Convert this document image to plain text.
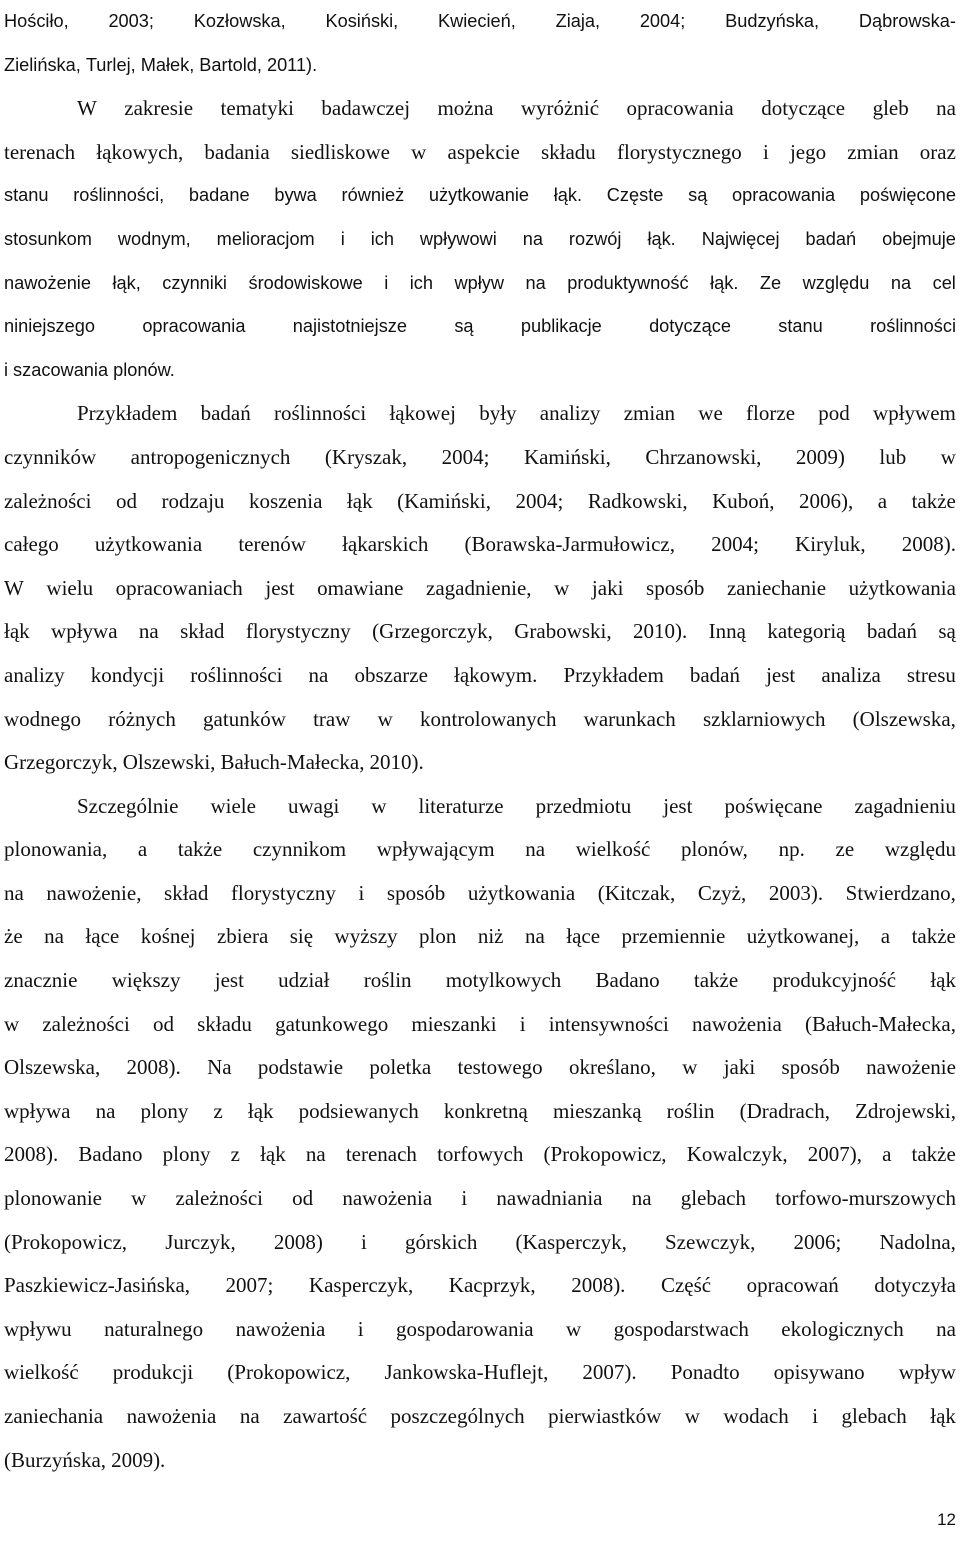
Hościło, 2003; Kozłowska, Kosiński, Kwiecień, Ziaja, 2004; Budzyńska, Dąbrowska-
Zielińska, Turlej, Małek, Bartold, 2011).
W zakresie tematyki badawczej można wyróżnić opracowania dotyczące gleb na
terenach łąkowych, badania siedliskowe w aspekcie składu florystycznego i jego zmian oraz
stanu roślinności, badane bywa również użytkowanie łąk. Częste są opracowania poświęcone
stosunkom wodnym, melioracjom i ich wpływowi na rozwój łąk. Najwięcej badań obejmuje
nawożenie łąk, czynniki środowiskowe i ich wpływ na produktywność łąk. Ze względu na cel
niniejszego	opracowania	najistotniejsze	są	publikacje	dotyczące	stanu	roślinności
i szacowania plonów.
Przykładem badań roślinności łąkowej były analizy zmian we florze pod wpływem
czynników antropogenicznych (Kryszak, 2004; Kamiński, Chrzanowski, 2009) lub w
zależności od rodzaju koszenia łąk (Kamiński, 2004; Radkowski, Kuboń, 2006), a także
całego użytkowania terenów łąkarskich (Borawska-Jarmułowicz, 2004; Kiryluk, 2008).
W wielu opracowaniach jest omawiane zagadnienie, w jaki sposób zaniechanie użytkowania
łąk wpływa na skład florystyczny (Grzegorczyk, Grabowski, 2010). Inną kategorią badań są
analizy kondycji roślinności na obszarze łąkowym. Przykładem badań jest analiza stresu
wodnego różnych gatunków traw w kontrolowanych warunkach szklarniowych (Olszewska,
Grzegorczyk, Olszewski, Bałuch-Małecka, 2010).
Szczególnie wiele uwagi w literaturze przedmiotu jest poświęcane zagadnieniu
plonowania, a także czynnikom wpływającym na wielkość plonów, np. ze względu
na nawożenie, skład florystyczny i sposób użytkowania (Kitczak, Czyż, 2003). Stwierdzano,
że na łące kośnej zbiera się wyższy plon niż na łące przemiennie użytkowanej, a także
znacznie większy jest udział roślin motylkowych Badano także produkcyjność łąk
w zależności od składu gatunkowego mieszanki i intensywności nawożenia (Bałuch-Małecka,
Olszewska, 2008). Na podstawie poletka testowego określano, w jaki sposób nawożenie
wpływa na plony z łąk podsiewanych konkretną mieszanką roślin (Dradrach, Zdrojewski,
2008). Badano plony z łąk na terenach torfowych (Prokopowicz, Kowalczyk, 2007), a także
plonowanie w zależności od nawożenia i nawadniania na glebach torfowo-murszowych
(Prokopowicz, Jurczyk, 2008) i górskich (Kasperczyk, Szewczyk, 2006; Nadolna,
Paszkiewicz-Jasińska, 2007; Kasperczyk, Kacprzyk, 2008). Część opracowań dotyczyła
wpływu naturalnego nawożenia i gospodarowania w gospodarstwach ekologicznych na
wielkość produkcji (Prokopowicz, Jankowska-Huflejt, 2007). Ponadto opisywano wpływ
zaniechania nawożenia na zawartość poszczególnych pierwiastków w wodach i glebach łąk
(Burzyńska, 2009).
12
